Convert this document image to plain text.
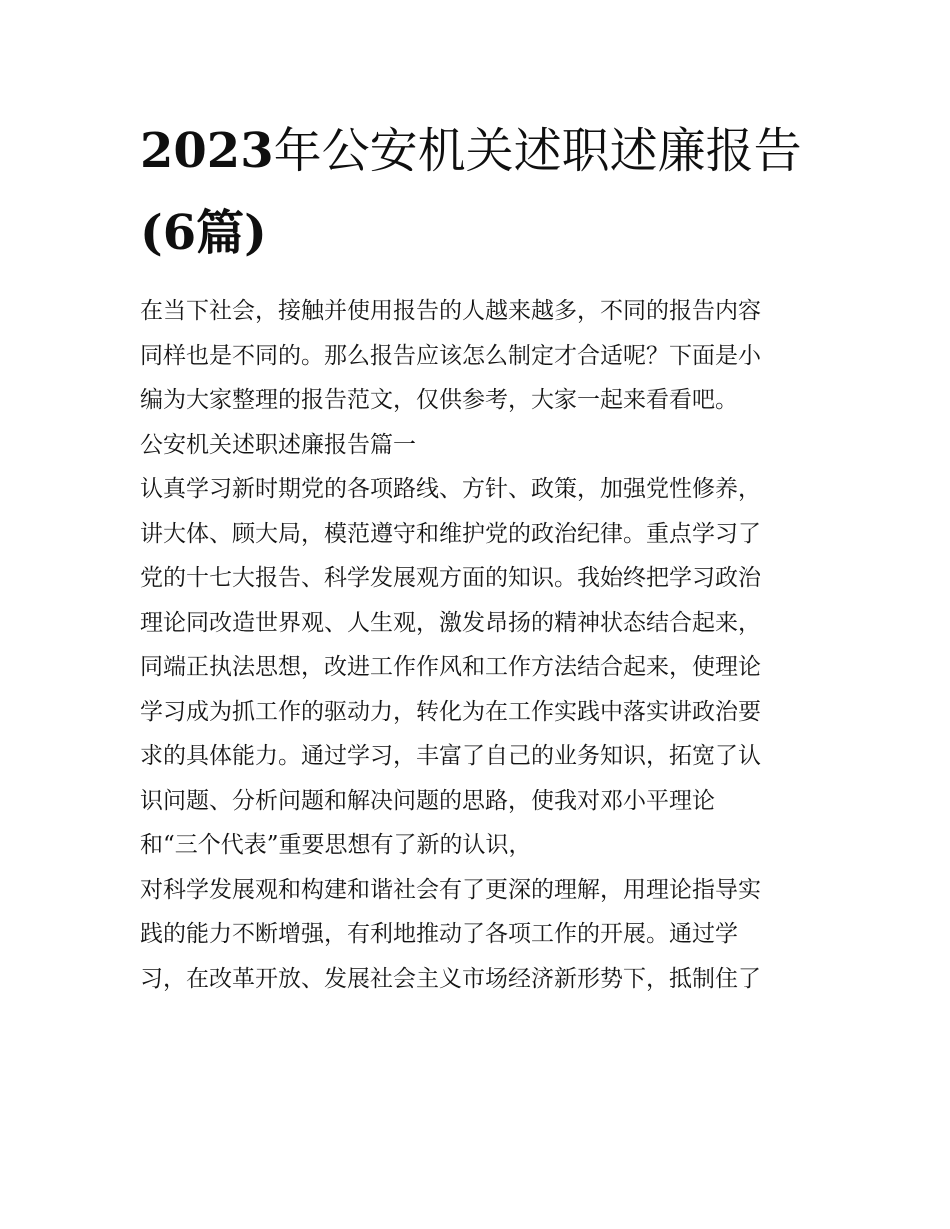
2023年公安机关述职述廉报告
(6篇)
在当下社会，接触并使用报告的人越来越多，不同的报告内容
同样也是不同的。那么报告应该怎么制定才合适呢？下面是小
编为大家整理的报告范文，仅供参考，大家一起来看看吧。
公安机关述职述廉报告篇一
认真学习新时期党的各项路线、方针、政策，加强党性修养，
讲大体、顾大局，模范遵守和维护党的政治纪律。重点学习了
党的十七大报告、科学发展观方面的知识。我始终把学习政治
理论同改造世界观、人生观，激发昂扬的精神状态结合起来，
同端正执法思想，改进工作作风和工作方法结合起来，使理论
学习成为抓工作的驱动力，转化为在工作实践中落实讲政治要
求的具体能力。通过学习，丰富了自己的业务知识，拓宽了认
识问题、分析问题和解决问题的思路，使我对邓小平理论
和“三个代表”重要思想有了新的认识，
对科学发展观和构建和谐社会有了更深的理解，用理论指导实
践的能力不断增强，有利地推动了各项工作的开展。通过学
习，在改革开放、发展社会主义市场经济新形势下，抵制住了
